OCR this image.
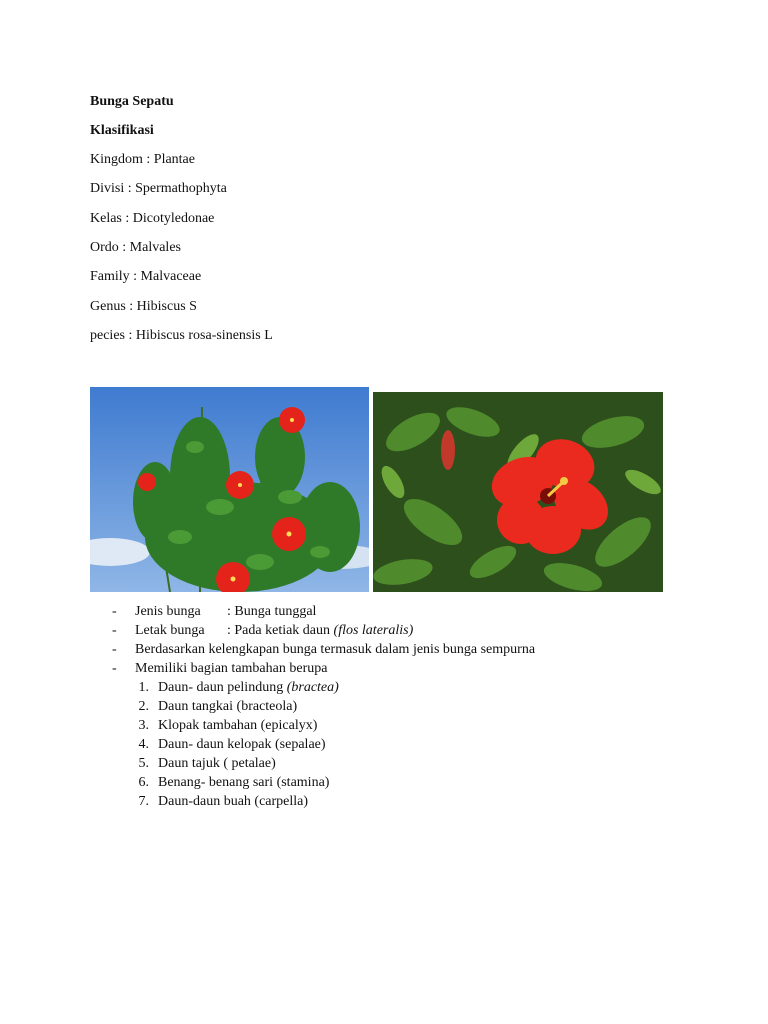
Bunga Sepatu
Klasifikasi
Kingdom : Plantae
Divisi : Spermathophyta
Kelas : Dicotyledonae
Ordo : Malvales
Family : Malvaceae
Genus : Hibiscus S
pecies : Hibiscus rosa-sinensis L
- Jenis bunga : Bunga tunggal
- Letak bunga : Pada ketiak daun (flos lateralis)
- Berdasarkan kelengkapan bunga termasuk dalam jenis bunga sempurna
- Memiliki bagian tambahan berupa
1. Daun- daun pelindung (bractea)
2. Daun tangkai (bracteola)
3. Klopak tambahan (epicalyx)
4. Daun- daun kelopak (sepalae)
5. Daun tajuk ( petalae)
6. Benang- benang sari (stamina)
7. Daun-daun buah (carpella)
